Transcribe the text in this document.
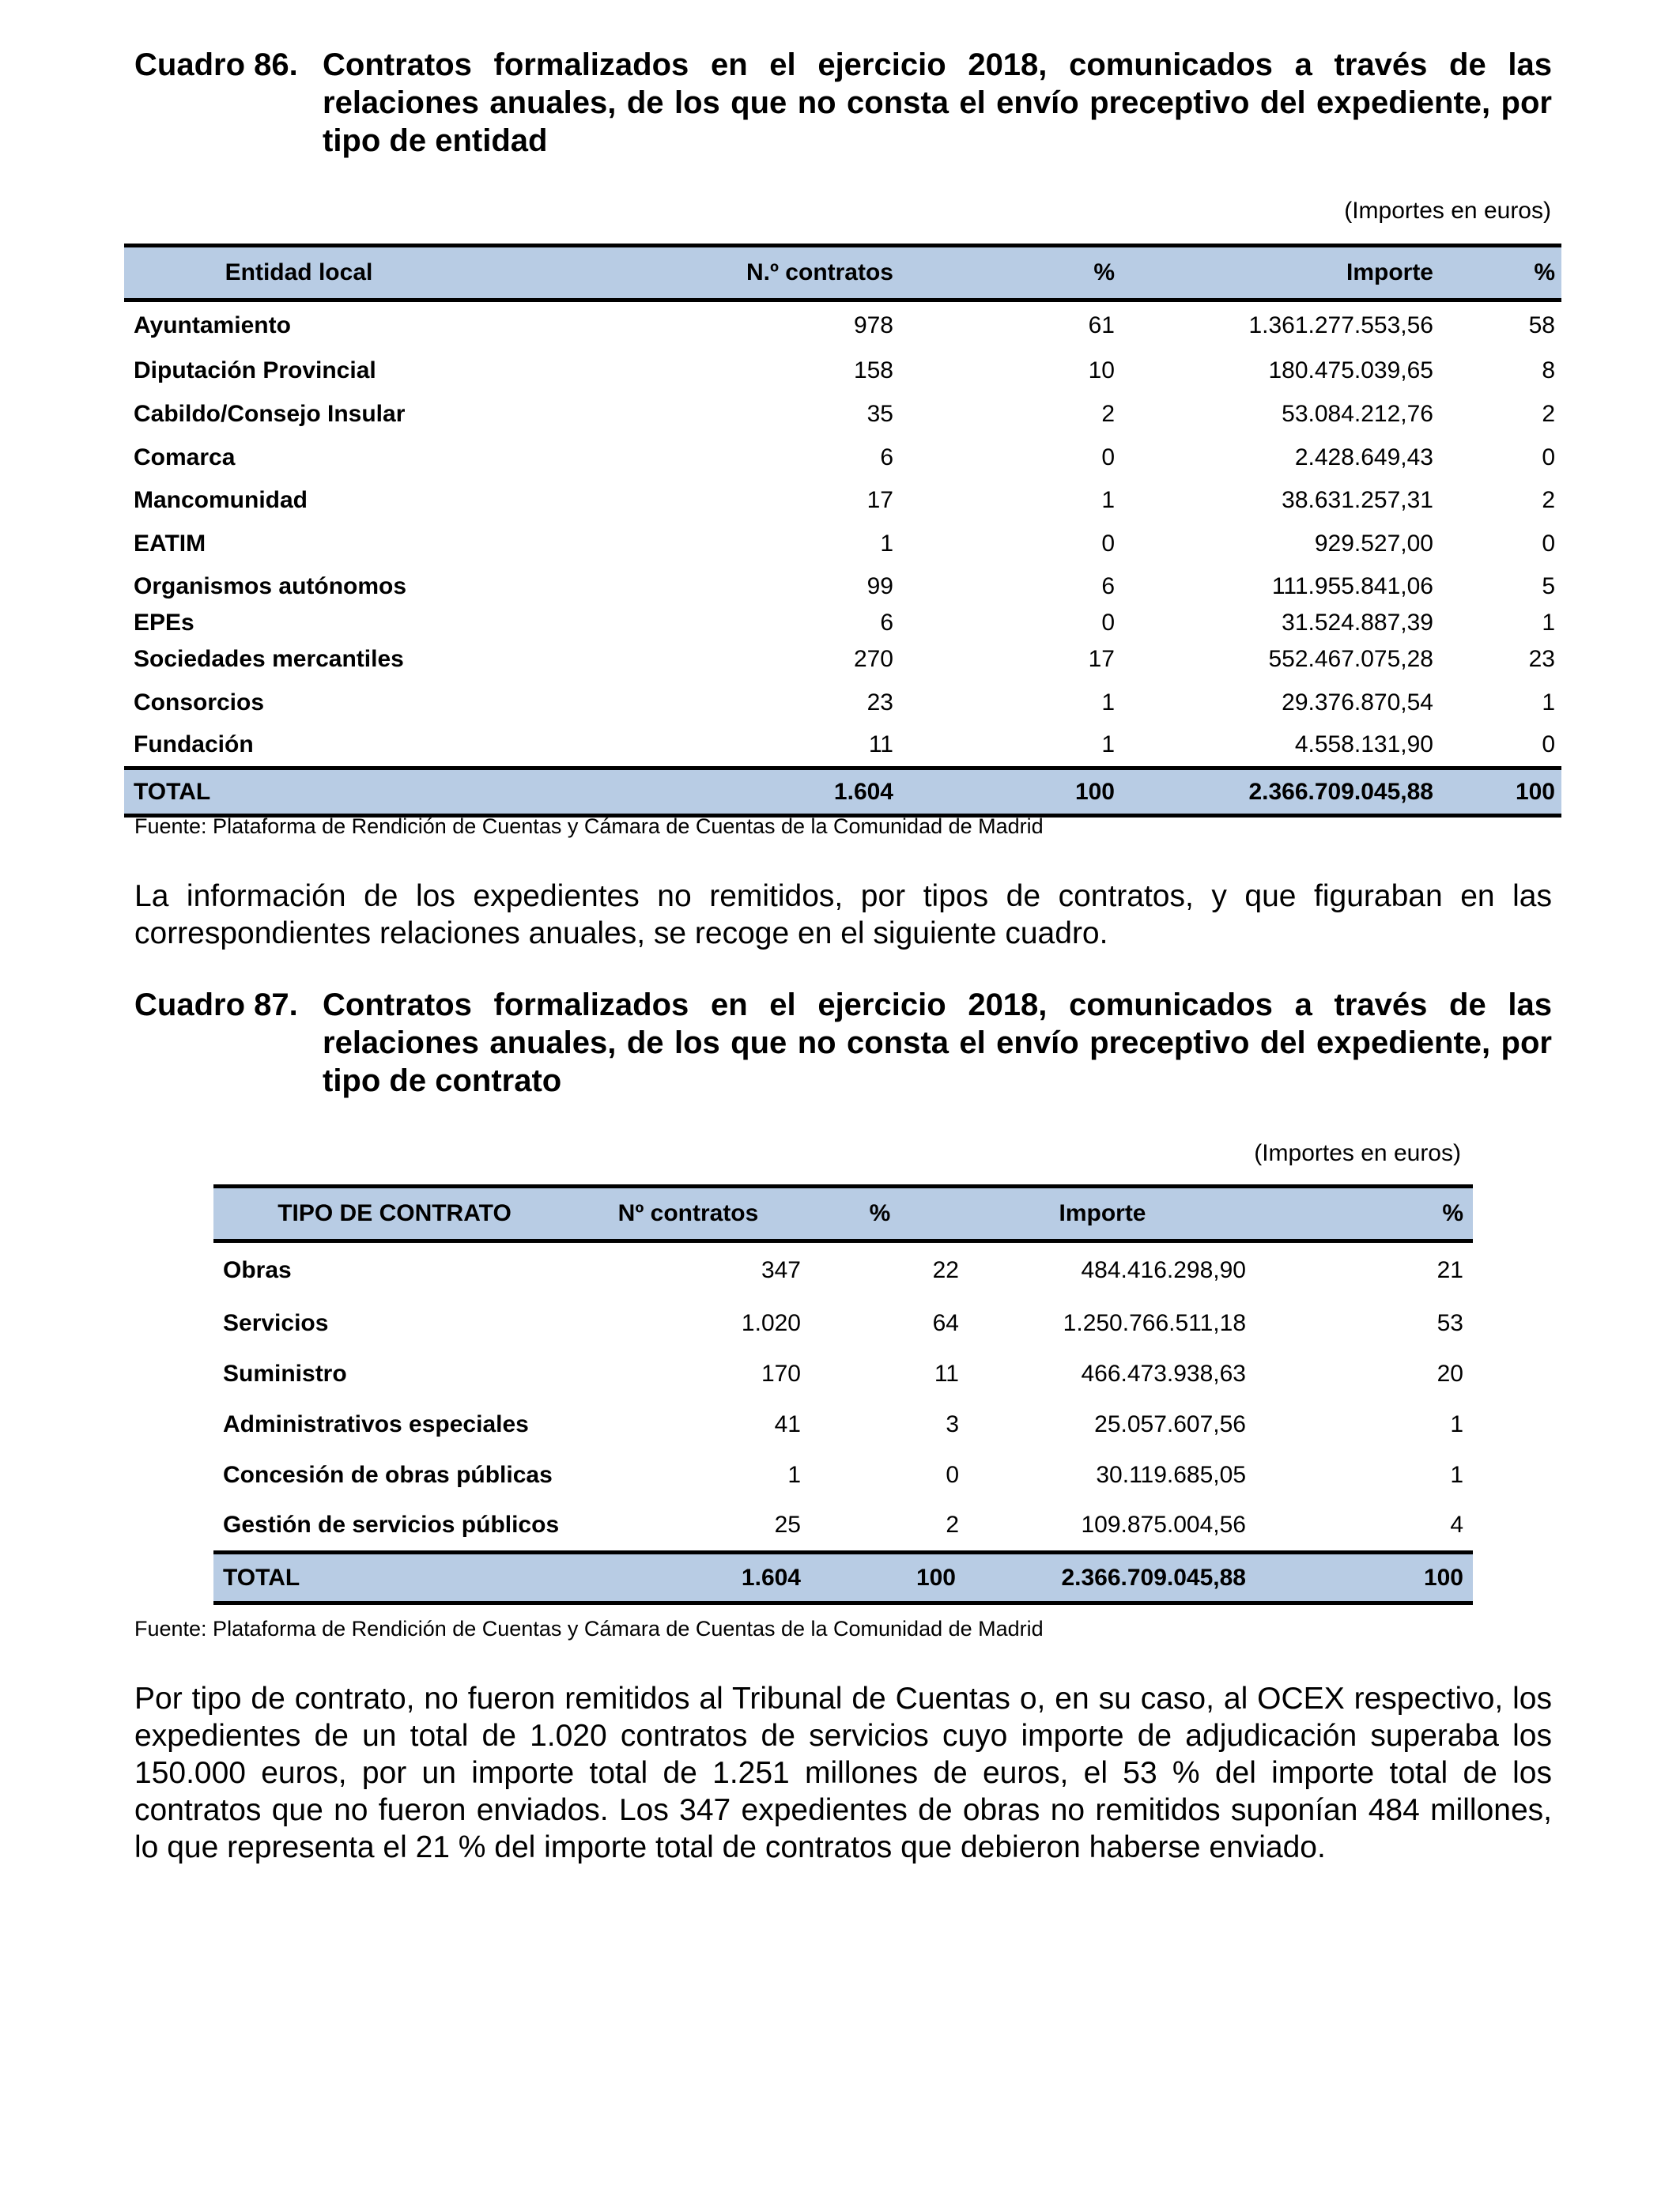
Cuadro 86. Contratos formalizados en el ejercicio 2018, comunicados a través de las relaciones anuales, de los que no consta el envío preceptivo del expediente, por tipo de entidad
(Importes en euros)
Entidad local	N.º contratos	%	Importe	%
Ayuntamiento	978	61	1.361.277.553,56	58
Diputación Provincial	158	10	180.475.039,65	8
Cabildo/Consejo Insular	35	2	53.084.212,76	2
Comarca	6	0	2.428.649,43	0
Mancomunidad	17	1	38.631.257,31	2
EATIM	1	0	929.527,00	0
Organismos autónomos	99	6	111.955.841,06	5
EPEs	6	0	31.524.887,39	1
Sociedades mercantiles	270	17	552.467.075,28	23
Consorcios	23	1	29.376.870,54	1
Fundación	11	1	4.558.131,90	0
TOTAL	1.604	100	2.366.709.045,88	100
Fuente: Plataforma de Rendición de Cuentas y Cámara de Cuentas de la Comunidad de Madrid
La información de los expedientes no remitidos, por tipos de contratos, y que figuraban en las correspondientes relaciones anuales, se recoge en el siguiente cuadro.
Cuadro 87. Contratos formalizados en el ejercicio 2018, comunicados a través de las relaciones anuales, de los que no consta el envío preceptivo del expediente, por tipo de contrato
(Importes en euros)
TIPO DE CONTRATO	Nº contratos	%	Importe	%
Obras	347	22	484.416.298,90	21
Servicios	1.020	64	1.250.766.511,18	53
Suministro	170	11	466.473.938,63	20
Administrativos especiales	41	3	25.057.607,56	1
Concesión de obras públicas	1	0	30.119.685,05	1
Gestión de servicios públicos	25	2	109.875.004,56	4
TOTAL	1.604	100	2.366.709.045,88	100
Fuente: Plataforma de Rendición de Cuentas y Cámara de Cuentas de la Comunidad de Madrid
Por tipo de contrato, no fueron remitidos al Tribunal de Cuentas o, en su caso, al OCEX respectivo, los expedientes de un total de 1.020 contratos de servicios cuyo importe de adjudicación superaba los 150.000 euros, por un importe total de 1.251 millones de euros, el 53 % del importe total de los contratos que no fueron enviados. Los 347 expedientes de obras no remitidos suponían 484 millones, lo que representa el 21 % del importe total de contratos que debieron haberse enviado.
